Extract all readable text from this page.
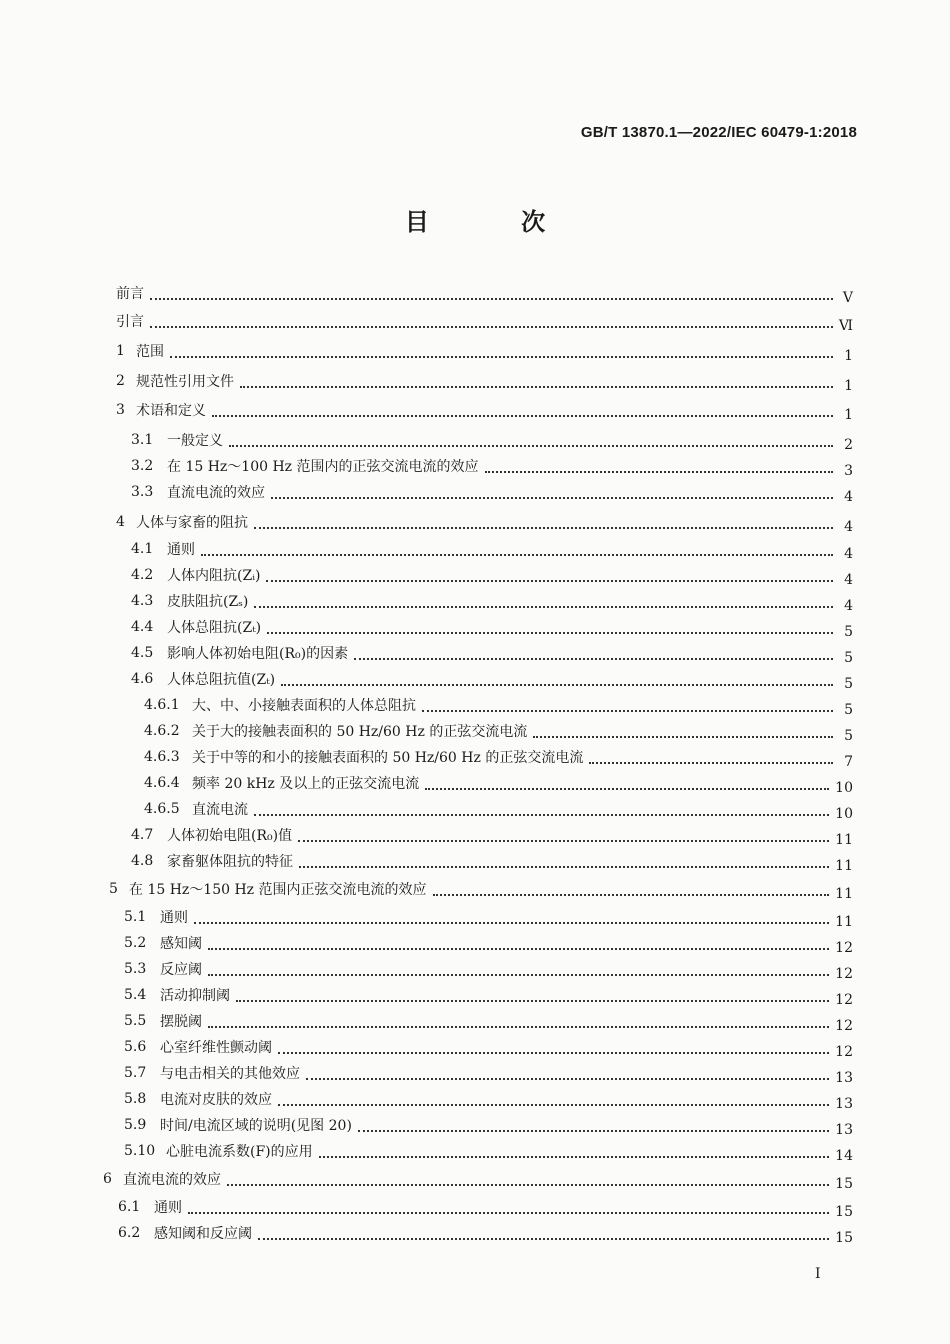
GB/T 13870.1—2022/IEC 60479-1:2018
目 次
前言	V
引言	Ⅵ
1 范围	1
2 规范性引用文件	1
3 术语和定义	1
3.1 一般定义	2
3.2 在 15 Hz～100 Hz 范围内的正弦交流电流的效应	3
3.3 直流电流的效应	4
4 人体与家畜的阻抗	4
4.1 通则	4
4.2 人体内阻抗(Zᵢ)	4
4.3 皮肤阻抗(Zₛ)	4
4.4 人体总阻抗(Zₜ)	5
4.5 影响人体初始电阻(R₀)的因素	5
4.6 人体总阻抗值(Zₜ)	5
4.6.1 大、中、小接触表面积的人体总阻抗	5
4.6.2 关于大的接触表面积的 50 Hz/60 Hz 的正弦交流电流	5
4.6.3 关于中等的和小的接触表面积的 50 Hz/60 Hz 的正弦交流电流	7
4.6.4 频率 20 kHz 及以上的正弦交流电流	10
4.6.5 直流电流	10
4.7 人体初始电阻(R₀)值	11
4.8 家畜躯体阻抗的特征	11
5 在 15 Hz～150 Hz 范围内正弦交流电流的效应	11
5.1 通则	11
5.2 感知阈	12
5.3 反应阈	12
5.4 活动抑制阈	12
5.5 摆脱阈	12
5.6 心室纤维性颤动阈	12
5.7 与电击相关的其他效应	13
5.8 电流对皮肤的效应	13
5.9 时间/电流区域的说明(见图 20)	13
5.10 心脏电流系数(F)的应用	14
6 直流电流的效应	15
6.1 通则	15
6.2 感知阈和反应阈	15
I
